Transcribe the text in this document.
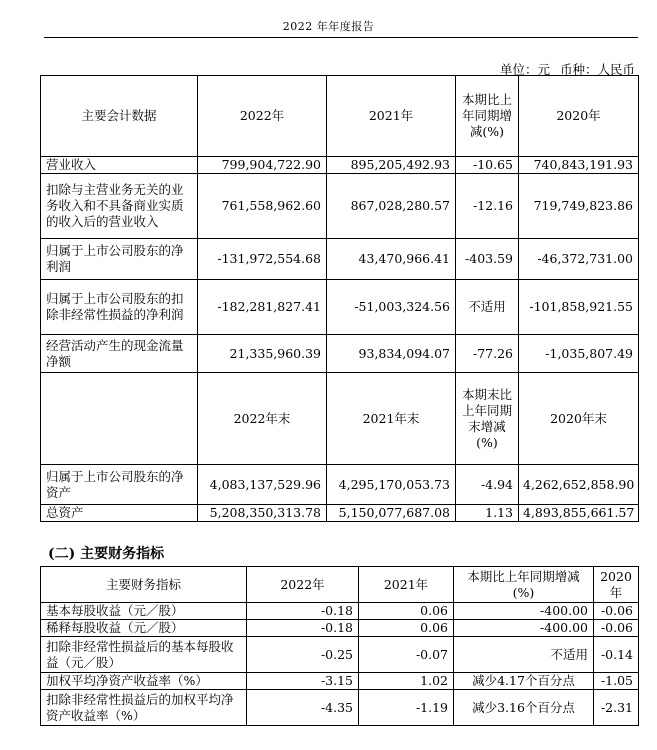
2022 年年度报告
单位：元 币种：人民币
主要会计数据	2022年	2021年	本期比上年同期增减(%)	2020年
营业收入	799,904,722.90	895,205,492.93	-10.65	740,843,191.93
扣除与主营业务无关的业务收入和不具备商业实质的收入后的营业收入	761,558,962.60	867,028,280.57	-12.16	719,749,823.86
归属于上市公司股东的净利润	-131,972,554.68	43,470,966.41	-403.59	-46,372,731.00
归属于上市公司股东的扣除非经常性损益的净利润	-182,281,827.41	-51,003,324.56	不适用	-101,858,921.55
经营活动产生的现金流量净额	21,335,960.39	93,834,094.07	-77.26	-1,035,807.49
	2022年末	2021年末	本期末比上年同期末增减(%)	2020年末
归属于上市公司股东的净资产	4,083,137,529.96	4,295,170,053.73	-4.94	4,262,652,858.90
总资产	5,208,350,313.78	5,150,077,687.08	1.13	4,893,855,661.57
(二) 主要财务指标
主要财务指标	2022年	2021年	本期比上年同期增减(%)	2020年
基本每股收益（元／股）	-0.18	0.06	-400.00	-0.06
稀释每股收益（元／股）	-0.18	0.06	-400.00	-0.06
扣除非经常性损益后的基本每股收益（元／股）	-0.25	-0.07	不适用	-0.14
加权平均净资产收益率（%）	-3.15	1.02	减少4.17个百分点	-1.05
扣除非经常性损益后的加权平均净资产收益率（%）	-4.35	-1.19	减少3.16个百分点	-2.31
